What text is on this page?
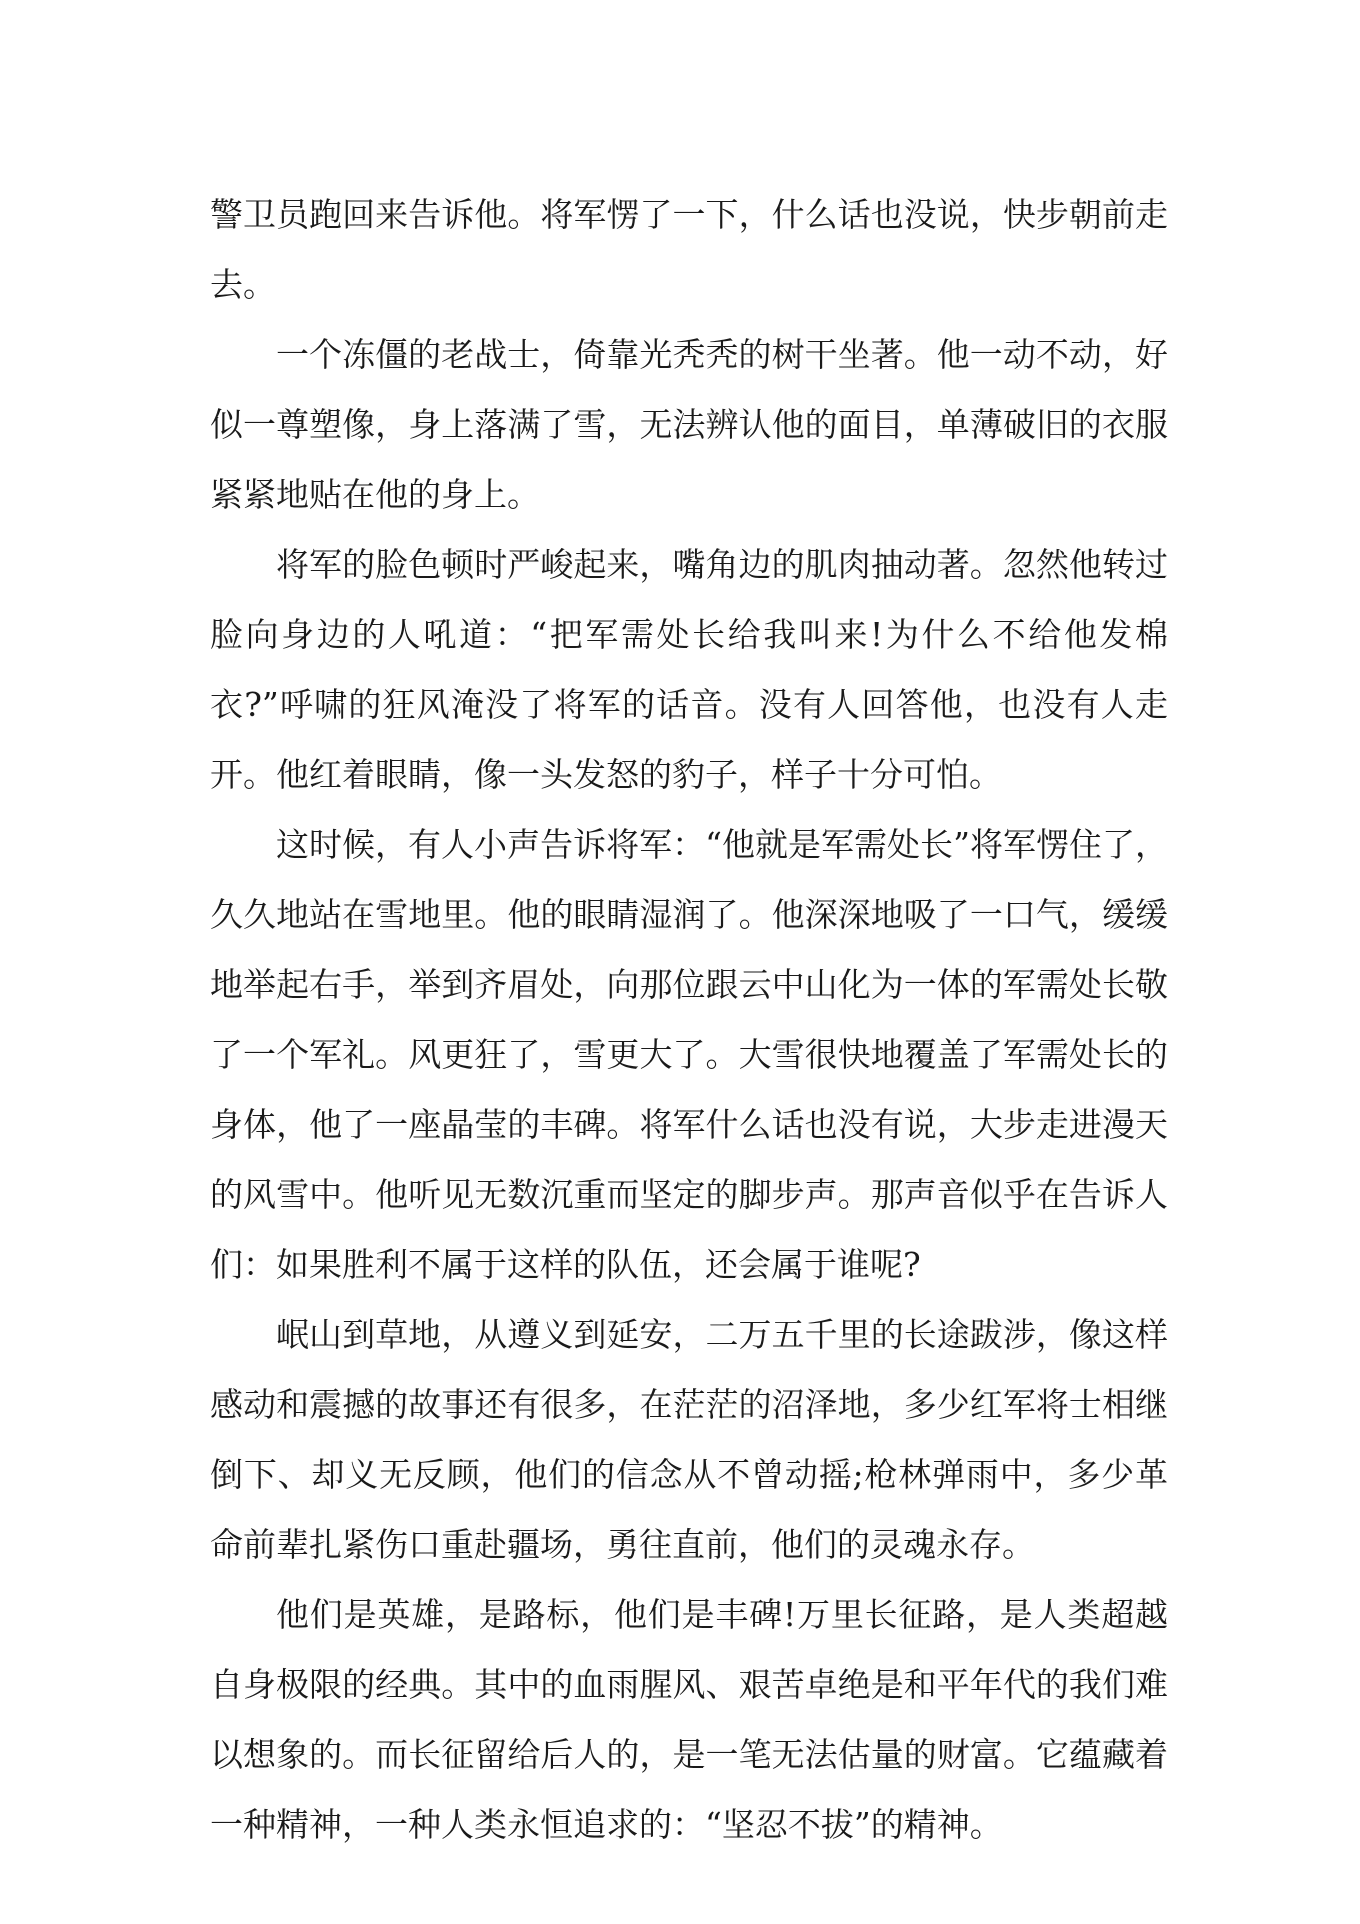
警卫员跑回来告诉他。将军愣了一下，什么话也没说，快步朝前走去。

一个冻僵的老战士，倚靠光秃秃的树干坐著。他一动不动，好似一尊塑像，身上落满了雪，无法辨认他的面目，单薄破旧的衣服紧紧地贴在他的身上。

将军的脸色顿时严峻起来，嘴角边的肌肉抽动著。忽然他转过脸向身边的人吼道：“把军需处长给我叫来!为什么不给他发棉衣?”呼啸的狂风淹没了将军的话音。没有人回答他，也没有人走开。他红着眼睛，像一头发怒的豹子，样子十分可怕。

这时候，有人小声告诉将军：“他就是军需处长”将军愣住了，久久地站在雪地里。他的眼睛湿润了。他深深地吸了一口气，缓缓地举起右手，举到齐眉处，向那位跟云中山化为一体的军需处长敬了一个军礼。风更狂了，雪更大了。大雪很快地覆盖了军需处长的身体，他了一座晶莹的丰碑。将军什么话也没有说，大步走进漫天的风雪中。他听见无数沉重而坚定的脚步声。那声音似乎在告诉人们：如果胜利不属于这样的队伍，还会属于谁呢?

岷山到草地，从遵义到延安，二万五千里的长途跋涉，像这样感动和震撼的故事还有很多，在茫茫的沼泽地，多少红军将士相继倒下、却义无反顾，他们的信念从不曾动摇;枪林弹雨中，多少革命前辈扎紧伤口重赴疆场，勇往直前，他们的灵魂永存。

他们是英雄，是路标，他们是丰碑!万里长征路，是人类超越自身极限的经典。其中的血雨腥风、艰苦卓绝是和平年代的我们难以想象的。而长征留给后人的，是一笔无法估量的财富。它蕴藏着一种精神，一种人类永恒追求的：“坚忍不拔”的精神。
